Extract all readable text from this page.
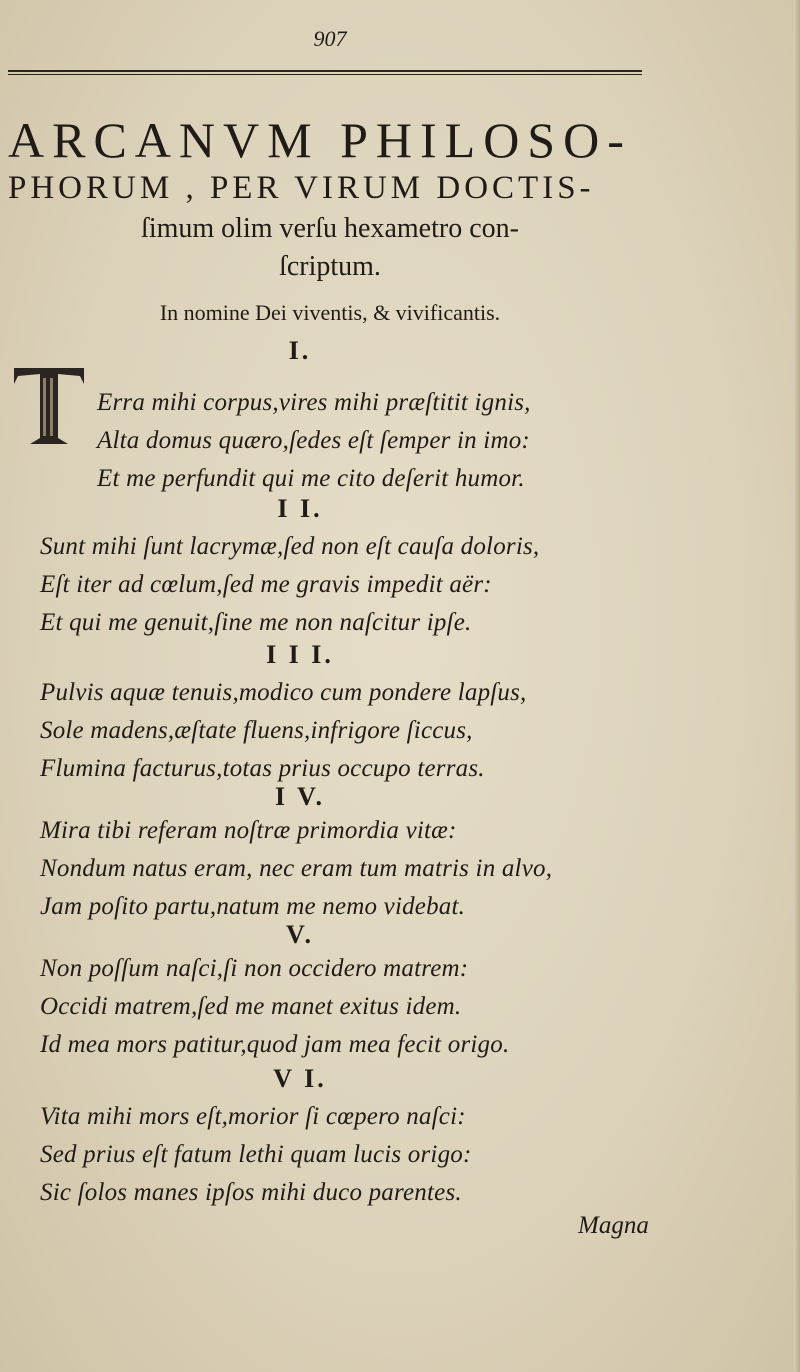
907
ARCANVM PHILOSO-
PHORUM , PER VIRUM DOCTIS-
ſimum olim verſu hexametro con-
ſcriptum.
In nomine Dei viventis, & vivificantis.
I.
T
Erra mihi corpus,vires mihi præſtitit ignis,
Alta domus quæro,ſedes eſt ſemper in imo:
Et me perfundit qui me cito deſerit humor.
I I.
Sunt mihi ſunt lacrymæ,ſed non eſt cauſa doloris,
Eſt iter ad cœlum,ſed me gravis impedit aër:
Et qui me genuit,ſine me non naſcitur ipſe.
I I I.
Pulvis aquæ tenuis,modico cum pondere lapſus,
Sole madens,æſtate fluens,infrigore ſiccus,
Flumina facturus,totas prius occupo terras.
I V.
Mira tibi referam noſtræ primordia vitæ:
Nondum natus eram, nec eram tum matris in alvo,
Jam poſito partu,natum me nemo videbat.
V.
Non poſſum naſci,ſi non occidero matrem:
Occidi matrem,ſed me manet exitus idem.
Id mea mors patitur,quod jam mea fecit origo.
V I.
Vita mihi mors eſt,morior ſi cœpero naſci:
Sed prius eſt fatum lethi quam lucis origo:
Sic ſolos manes ipſos mihi duco parentes.
Magna
